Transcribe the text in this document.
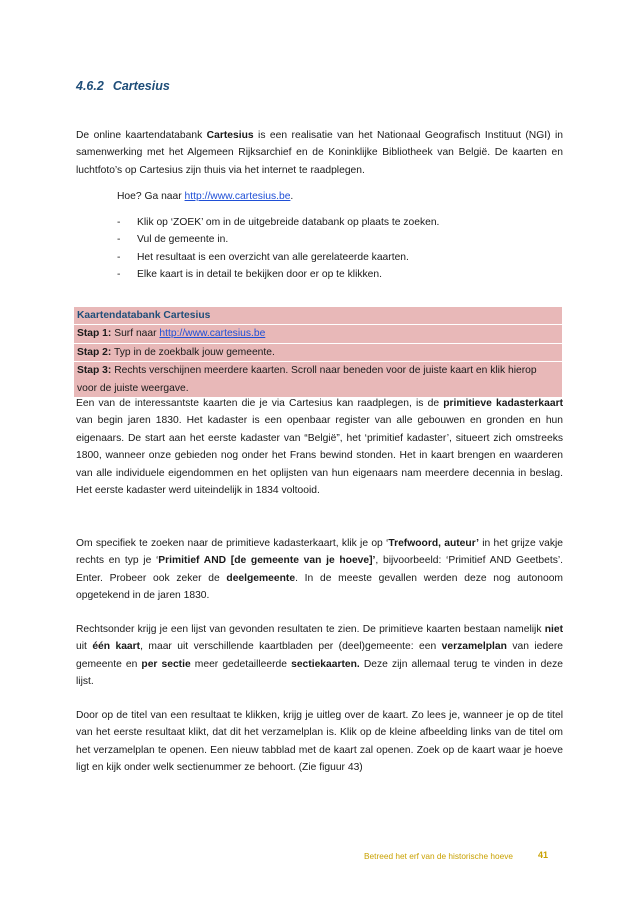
4.6.2 Cartesius
De online kaartendatabank Cartesius is een realisatie van het Nationaal Geografisch Instituut (NGI) in samenwerking met het Algemeen Rijksarchief en de Koninklijke Bibliotheek van België. De kaarten en luchtfoto’s op Cartesius zijn thuis via het internet te raadplegen.
Hoe? Ga naar http://www.cartesius.be.
- Klik op ‘ZOEK’ om in de uitgebreide databank op plaats te zoeken.
- Vul de gemeente in.
- Het resultaat is een overzicht van alle gerelateerde kaarten.
- Elke kaart is in detail te bekijken door er op te klikken.
Kaartendatabank Cartesius
Stap 1: Surf naar http://www.cartesius.be
Stap 2: Typ in de zoekbalk jouw gemeente.
Stap 3: Rechts verschijnen meerdere kaarten. Scroll naar beneden voor de juiste kaart en klik hierop voor de juiste weergave.
Een van de interessantste kaarten die je via Cartesius kan raadplegen, is de primitieve kadasterkaart van begin jaren 1830. Het kadaster is een openbaar register van alle gebouwen en gronden en hun eigenaars. De start aan het eerste kadaster van “België”, het ‘primitief kadaster’, situeert zich omstreeks 1800, wanneer onze gebieden nog onder het Frans bewind stonden. Het in kaart brengen en waarderen van alle individuele eigendommen en het oplijsten van hun eigenaars nam meerdere decennia in beslag. Het eerste kadaster werd uiteindelijk in 1834 voltooid.
Om specifiek te zoeken naar de primitieve kadasterkaart, klik je op ‘Trefwoord, auteur’ in het grijze vakje rechts en typ je ‘Primitief AND [de gemeente van je hoeve]’, bijvoorbeeld: ‘Primitief AND Geetbets’. Enter. Probeer ook zeker de deelgemeente. In de meeste gevallen werden deze nog autonoom opgetekend in de jaren 1830.
Rechtsonder krijg je een lijst van gevonden resultaten te zien. De primitieve kaarten bestaan namelijk niet uit één kaart, maar uit verschillende kaartbladen per (deel)gemeente: een verzamelplan van iedere gemeente en per sectie meer gedetailleerde sectiekaarten. Deze zijn allemaal terug te vinden in deze lijst.
Door op de titel van een resultaat te klikken, krijg je uitleg over de kaart. Zo lees je, wanneer je op de titel van het eerste resultaat klikt, dat dit het verzamelplan is. Klik op de kleine afbeelding links van de titel om het verzamelplan te openen. Een nieuw tabblad met de kaart zal openen. Zoek op de kaart waar je hoeve ligt en kijk onder welk sectienummer ze behoort. (Zie figuur 43)
Betreed het erf van de historische hoeve	41
